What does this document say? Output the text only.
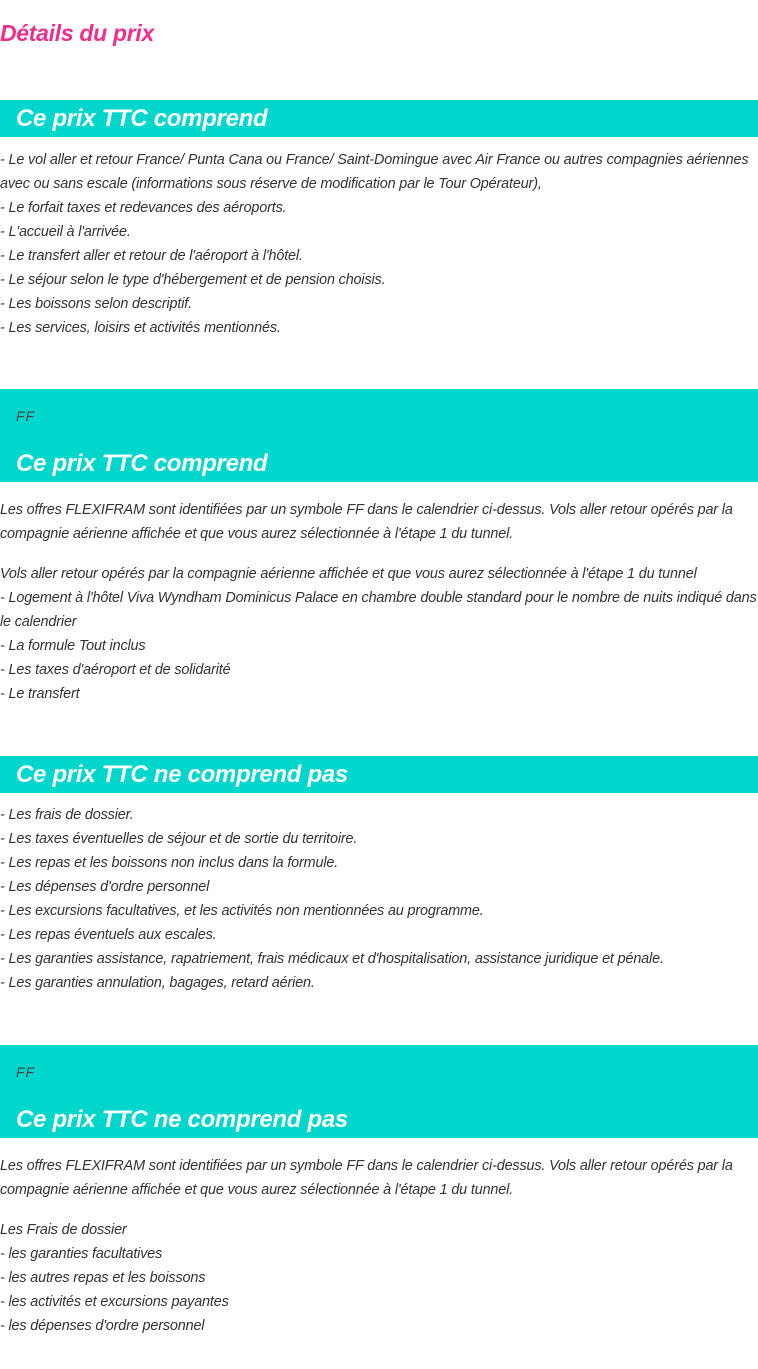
Détails du prix
Ce prix TTC comprend
- Le vol aller et retour France/ Punta Cana ou France/ Saint-Domingue avec Air France ou autres compagnies aériennes avec ou sans escale (informations sous réserve de modification par le Tour Opérateur),
- Le forfait taxes et redevances des aéroports.
- L'accueil à l'arrivée.
- Le transfert aller et retour de l'aéroport à l'hôtel.
- Le séjour selon le type d'hébergement et de pension choisis.
- Les boissons selon descriptif.
- Les services, loisirs et activités mentionnés.
FF
Ce prix TTC comprend

Les offres FLEXIFRAM sont identifiées par un symbole FF dans le calendrier ci-dessus. Vols aller retour opérés par la compagnie aérienne affichée et que vous aurez sélectionnée à l'étape 1 du tunnel.

Vols aller retour opérés par la compagnie aérienne affichée et que vous aurez sélectionnée à l'étape 1 du tunnel
- Logement à l'hôtel Viva Wyndham Dominicus Palace en chambre double standard pour le nombre de nuits indiqué dans le calendrier
- La formule Tout inclus
- Les taxes d'aéroport et de solidarité
- Le transfert
Ce prix TTC ne comprend pas
- Les frais de dossier.
- Les taxes éventuelles de séjour et de sortie du territoire.
- Les repas et les boissons non inclus dans la formule.
- Les dépenses d'ordre personnel
- Les excursions facultatives, et les activités non mentionnées au programme.
- Les repas éventuels aux escales.
- Les garanties assistance, rapatriement, frais médicaux et d'hospitalisation, assistance juridique et pénale.
- Les garanties annulation, bagages, retard aérien.
FF
Ce prix TTC ne comprend pas

Les offres FLEXIFRAM sont identifiées par un symbole FF dans le calendrier ci-dessus. Vols aller retour opérés par la compagnie aérienne affichée et que vous aurez sélectionnée à l'étape 1 du tunnel.

Les Frais de dossier
- les garanties facultatives
- les autres repas et les boissons
- les activités et excursions payantes
- les dépenses d'ordre personnel
